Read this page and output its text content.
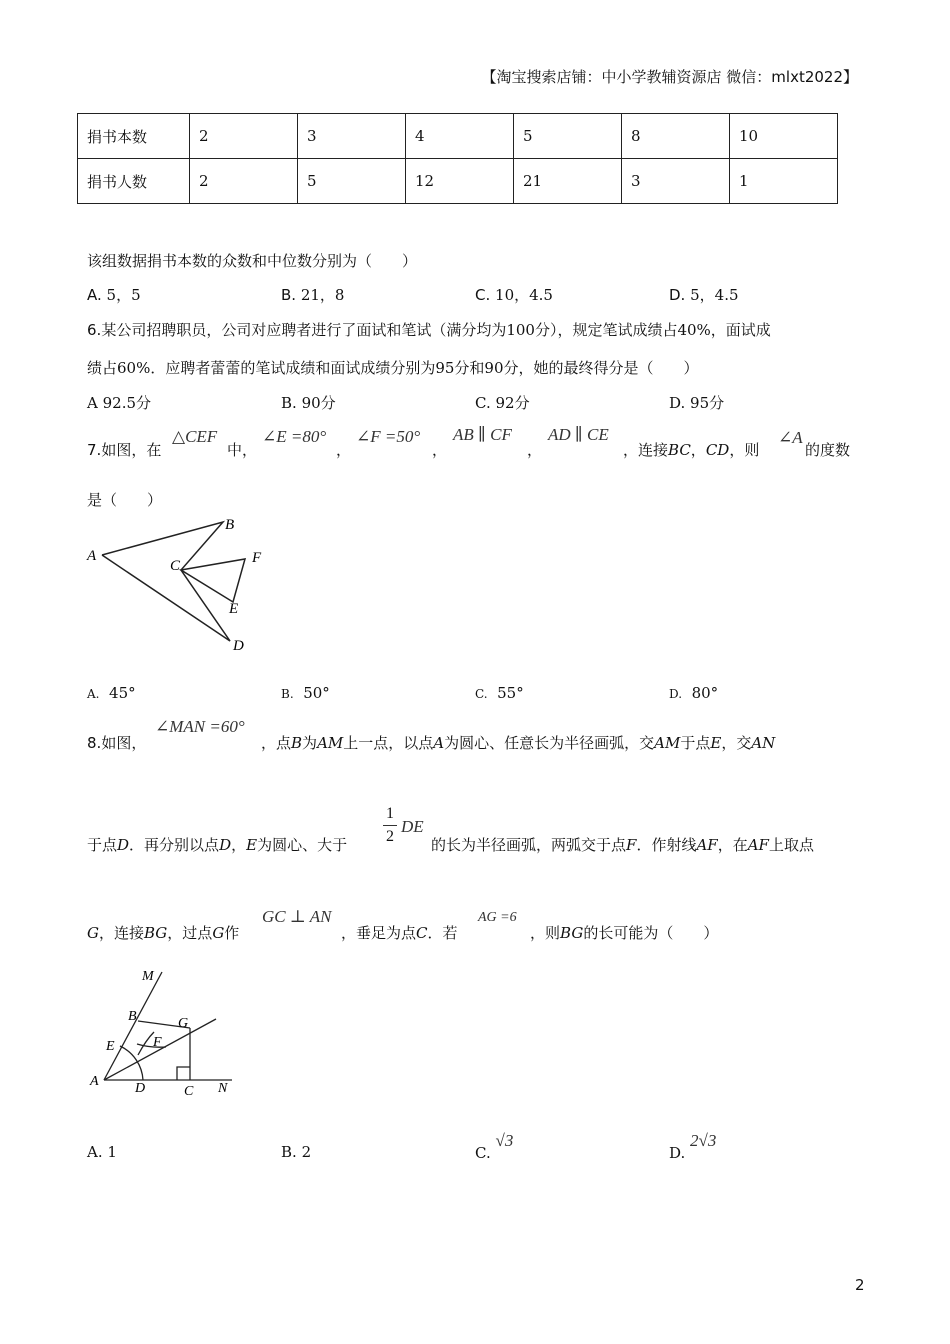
【淘宝搜索店铺：中小学教辅资源店 微信：mlxt2022】
捐书本数	2	3	4	5	8	10
捐书人数	2	5	12	21	3	1
该组数据捐书本数的众数和中位数分别为（　　）
A. 5，5	B. 21，8	C. 10，4.5	D. 5，4.5
6.某公司招聘职员，公司对应聘者进行了面试和笔试（满分均为100分），规定笔试成绩占40%，面试成
绩占60%．应聘者蕾蕾的笔试成绩和面试成绩分别为95分和90分，她的最终得分是（　　）
A 92.5分	B. 90分	C. 92分	D. 95分
7.如图，在
△CEF
中，
∠E =80°
，
∠F =50°
，
AB ∥ CF
，
AD ∥ CE
，连接BC，CD，则
∠A
的度数
是（　　）
A
B
C	F
E
D
A. 45°	B. 50°	C. 55°	D. 80°
8.如图，
∠MAN =60°
，点B为AM上一点，以点A为圆心、任意长为半径画弧，交AM于点E，交AN
于点D．再分别以点D，E为圆心、大于
1
2
DE
的长为半径画弧，两弧交于点F．作射线AF，在AF上取点
G，连接BG，过点G作
GC ⊥ AN
，垂足为点C．若
AG =6
，则BG的长可能为（　　）
M
B	G
E	F
A	D	C N
A. 1	B. 2	C. √3
D. 2√3
2
